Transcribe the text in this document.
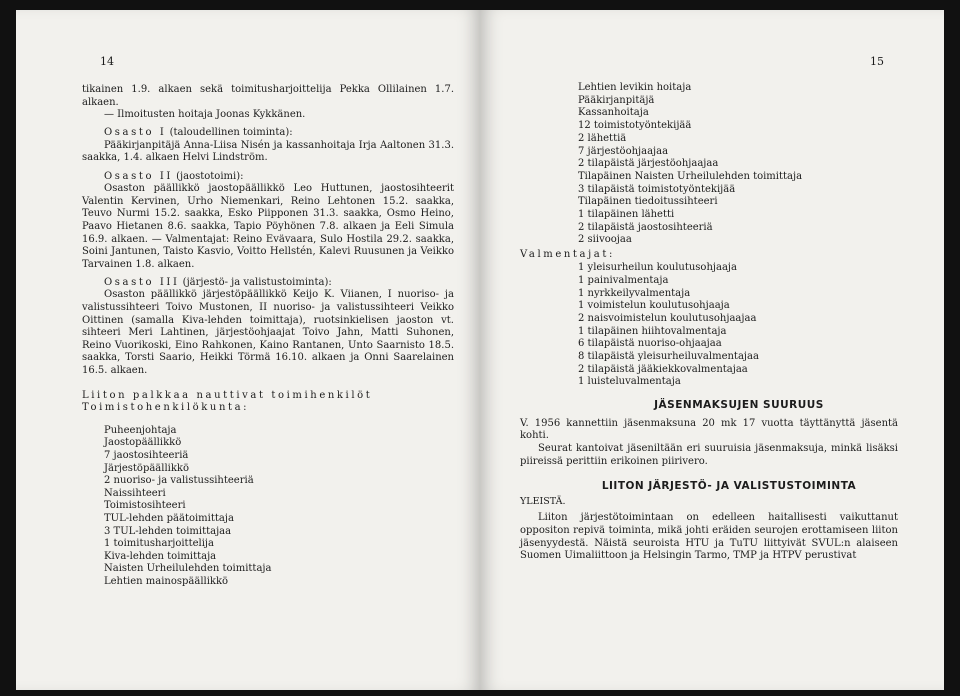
14

tikainen 1.9. alkaen sekä toimitusharjoittelija Pekka Ollilainen 1.7. alkaen.

— Ilmoitusten hoitaja Joonas Kykkänen.

Osasto I (taloudellinen toiminta):

Pääkirjanpitäjä Anna-Liisa Nisén ja kassanhoitaja Irja Aaltonen 31.3. saakka, 1.4. alkaen Helvi Lindström.

Osasto II (jaostotoimi):

Osaston päällikkö jaostopäällikkö Leo Huttunen, jaostosihteerit Valentin Kervinen, Urho Niemenkari, Reino Lehtonen 15.2. saakka, Teuvo Nurmi 15.2. saakka, Esko Piipponen 31.3. saakka, Osmo Heino, Paavo Hietanen 8.6. saakka, Tapio Pöyhönen 7.8. alkaen ja Eeli Simula 16.9. alkaen. — Valmentajat: Reino Evävaara, Sulo Hostila 29.2. saakka, Soini Jantunen, Taisto Kasvio, Voitto Hellstén, Kalevi Ruusunen ja Veikko Tarvainen 1.8. alkaen.

Osasto III (järjestö- ja valistustoiminta):

Osaston päällikkö järjestöpäällikkö Keijo K. Viianen, I nuoriso- ja valistussihteeri Toivo Mustonen, II nuoriso- ja valistussihteeri Veikko Oittinen (samalla Kiva-lehden toimittaja), ruotsinkielisen jaoston vt. sihteeri Meri Lahtinen, järjestöohjaajat Toivo Jahn, Matti Suhonen, Reino Vuorikoski, Eino Rahkonen, Kaino Rantanen, Unto Saarnisto 18.5. saakka, Torsti Saario, Heikki Törmä 16.10. alkaen ja Onni Saarelainen 16.5. alkaen.

Liiton palkkaa nauttivat toimihenkilöt

Toimistohenkilökunta:

Puheenjohtaja
Jaostopäällikkö
7 jaostosihteeriä
Järjestöpäällikkö
2 nuoriso- ja valistussihteeriä
Naissihteeri
Toimistosihteeri
TUL-lehden päätoimittaja
3 TUL-lehden toimittajaa
1 toimitusharjoittelija
Kiva-lehden toimittaja
Naisten Urheilulehden toimittaja
Lehtien mainospäällikkö
15
Lehtien levikin hoitaja
Pääkirjanpitäjä
Kassanhoitaja
12 toimistotyöntekijää
2 lähettiä
7 järjestöohjaajaa
2 tilapäistä järjestöohjaajaa
Tilapäinen Naisten Urheilulehden toimittaja
3 tilapäistä toimistotyöntekijää
Tilapäinen tiedoitussihteeri
1 tilapäinen lähetti
2 tilapäistä jaostosihteeriä
2 siivoojaa
Valmentajat:
1 yleisurheilun koulutusohjaaja
1 painivalmentaja
1 nyrkkeilyvalmentaja
1 voimistelun koulutusohjaaja
2 naisvoimistelun koulutusohjaajaa
1 tilapäinen hiihtovalmentaja
6 tilapäistä nuoriso-ohjaajaa
8 tilapäistä yleisurheiluvalmentajaa
2 tilapäistä jääkiekkovalmentajaa
1 luisteluvalmentaja
JÄSENMAKSUJEN SUURUUS

V. 1956 kannettiin jäsenmaksuna 20 mk 17 vuotta täyttänyttä jäsentä kohti.

Seurat kantoivat jäseniltään eri suuruisia jäsenmaksuja, minkä lisäksi piireissä perittiin erikoinen piirivero.

LIITON JÄRJESTÖ- JA VALISTUSTOIMINTA
YLEISTÄ.

Liiton järjestötoimintaan on edelleen haitallisesti vaikuttanut oppositon repivä toiminta, mikä johti eräiden seurojen erottamiseen liiton jäsenyydestä. Näistä seuroista HTU ja TuTU liittyivät SVUL:n alaiseen Suomen Uimaliittoon ja Helsingin Tarmo, TMP ja HTPV perustivat
